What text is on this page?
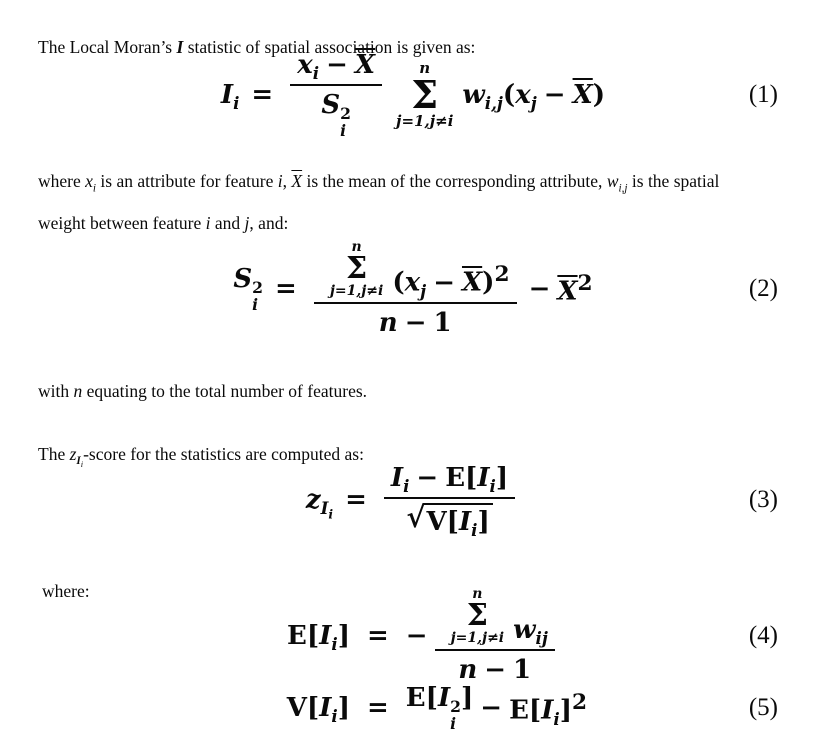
The Local Moran’s I statistic of spatial association is given as:

$I_i = x_i - \overline{X}$
S 2
i n
Σ
j=1,j≠i
$w_{i,j}$ $(x_j - \overline{X})$	(1)
where $x_i$ is an attribute for feature i, $\overline{X}$ is the mean of the corresponding attribute, $w_{i,j}$ is the spatial
weight between feature i and j, and:
S 2
i
= n
Σ
j=1,j≠i $(x_j - \overline{X})^2$
$n - 1 - \overline{X}^2$	(2)

with n equating to the total number of features.

The $z_{I_i}$-score for the statistics are computed as:

$z_{I_i} = \frac{I_i - E[I_i]}{√ V[I_i]}$	(3)

where:

$E[I_i]$ = − n
Σ
j=1,j≠i $w_{ij}$
n − 1	(4)
$V[I_i] = E[I$ 2
i
] − $E[I_i]^2$	(5)
